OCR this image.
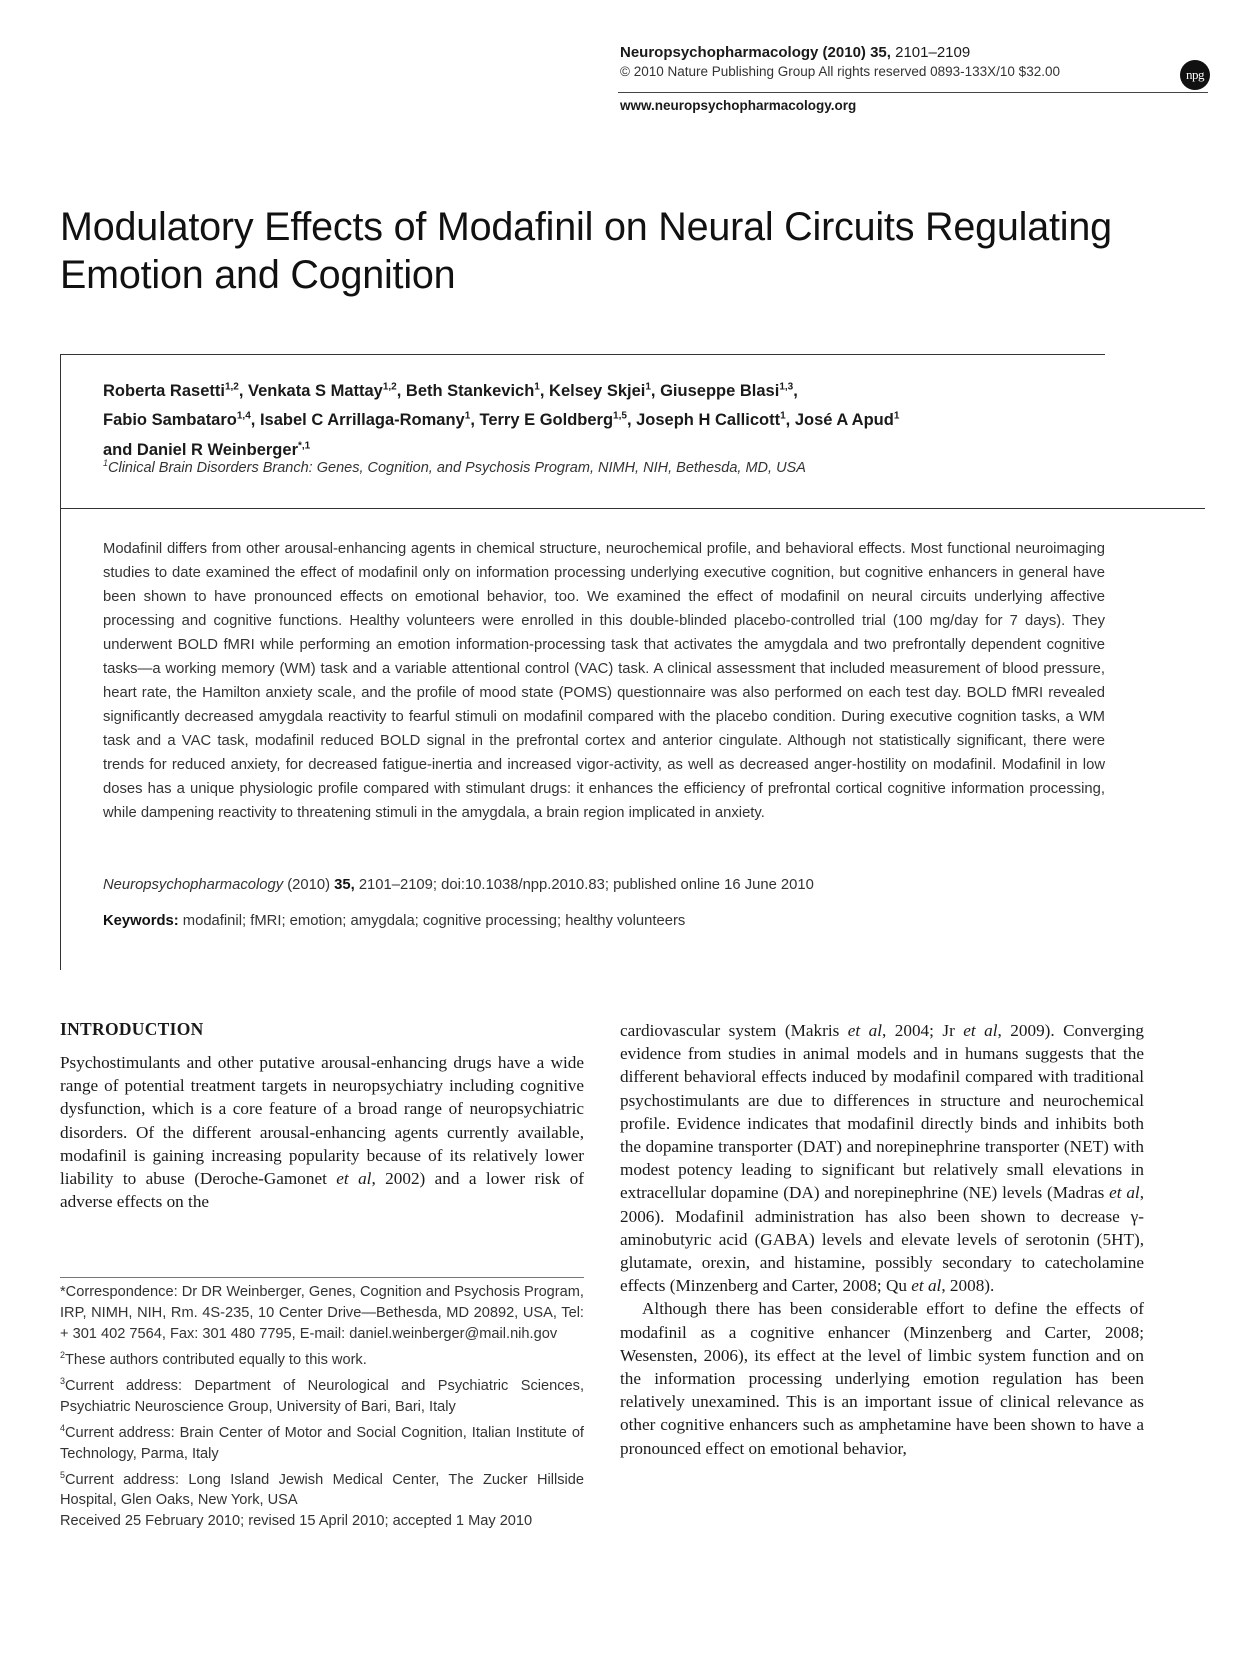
Neuropsychopharmacology (2010) 35, 2101–2109
© 2010 Nature Publishing Group All rights reserved 0893-133X/10 $32.00
www.neuropsychopharmacology.org
npg
Modulatory Effects of Modafinil on Neural Circuits Regulating Emotion and Cognition
Roberta Rasetti$^{1,2}$, Venkata S Mattay$^{1,2}$, Beth Stankevich$^1$, Kelsey Skjei$^1$, Giuseppe Blasi$^{1,3}$,
Fabio Sambataro$^{1,4}$, Isabel C Arrillaga-Romany$^1$, Terry E Goldberg$^{1,5}$, Joseph H Callicott$^1$, José A Apud$^1$
and Daniel R Weinberger$^{*,1}$
$^1$Clinical Brain Disorders Branch: Genes, Cognition, and Psychosis Program, NIMH, NIH, Bethesda, MD, USA
Modafinil differs from other arousal-enhancing agents in chemical structure, neurochemical profile, and behavioral effects. Most functional neuroimaging studies to date examined the effect of modafinil only on information processing underlying executive cognition, but cognitive enhancers in general have been shown to have pronounced effects on emotional behavior, too. We examined the effect of modafinil on neural circuits underlying affective processing and cognitive functions. Healthy volunteers were enrolled in this double-blinded placebo-controlled trial (100 mg/day for 7 days). They underwent BOLD fMRI while performing an emotion information-processing task that activates the amygdala and two prefrontally dependent cognitive tasks—a working memory (WM) task and a variable attentional control (VAC) task. A clinical assessment that included measurement of blood pressure, heart rate, the Hamilton anxiety scale, and the profile of mood state (POMS) questionnaire was also performed on each test day. BOLD fMRI revealed significantly decreased amygdala reactivity to fearful stimuli on modafinil compared with the placebo condition. During executive cognition tasks, a WM task and a VAC task, modafinil reduced BOLD signal in the prefrontal cortex and anterior cingulate. Although not statistically significant, there were trends for reduced anxiety, for decreased fatigue-inertia and increased vigor-activity, as well as decreased anger-hostility on modafinil. Modafinil in low doses has a unique physiologic profile compared with stimulant drugs: it enhances the efficiency of prefrontal cortical cognitive information processing, while dampening reactivity to threatening stimuli in the amygdala, a brain region implicated in anxiety.
Neuropsychopharmacology (2010) 35, 2101–2109; doi:10.1038/npp.2010.83; published online 16 June 2010
Keywords: modafinil; fMRI; emotion; amygdala; cognitive processing; healthy volunteers
INTRODUCTION
Psychostimulants and other putative arousal-enhancing drugs have a wide range of potential treatment targets in neuropsychiatry including cognitive dysfunction, which is a core feature of a broad range of neuropsychiatric disorders. Of the different arousal-enhancing agents currently available, modafinil is gaining increasing popularity because of its relatively lower liability to abuse (Deroche-Gamonet et al, 2002) and a lower risk of adverse effects on the
*Correspondence: Dr DR Weinberger, Genes, Cognition and Psychosis Program, IRP, NIMH, NIH, Rm. 4S-235, 10 Center Drive—Bethesda, MD 20892, USA, Tel: + 301 402 7564, Fax: 301 480 7795, E-mail: daniel.weinberger@mail.nih.gov
$^2$These authors contributed equally to this work.
$^3$Current address: Department of Neurological and Psychiatric Sciences, Psychiatric Neuroscience Group, University of Bari, Bari, Italy
$^4$Current address: Brain Center of Motor and Social Cognition, Italian Institute of Technology, Parma, Italy
$^5$Current address: Long Island Jewish Medical Center, The Zucker Hillside Hospital, Glen Oaks, New York, USA
Received 25 February 2010; revised 15 April 2010; accepted 1 May 2010

cardiovascular system (Makris et al, 2004; Jr et al, 2009). Converging evidence from studies in animal models and in humans suggests that the different behavioral effects induced by modafinil compared with traditional psychostimulants are due to differences in structure and neurochemical profile. Evidence indicates that modafinil directly binds and inhibits both the dopamine transporter (DAT) and norepinephrine transporter (NET) with modest potency leading to significant but relatively small elevations in extracellular dopamine (DA) and norepinephrine (NE) levels (Madras et al, 2006). Modafinil administration has also been shown to decrease γ-aminobutyric acid (GABA) levels and elevate levels of serotonin (5HT), glutamate, orexin, and histamine, possibly secondary to catecholamine effects (Minzenberg and Carter, 2008; Qu et al, 2008).

Although there has been considerable effort to define the effects of modafinil as a cognitive enhancer (Minzenberg and Carter, 2008; Wesensten, 2006), its effect at the level of limbic system function and on the information processing underlying emotion regulation has been relatively unexamined. This is an important issue of clinical relevance as other cognitive enhancers such as amphetamine have been shown to have a pronounced effect on emotional behavior,
